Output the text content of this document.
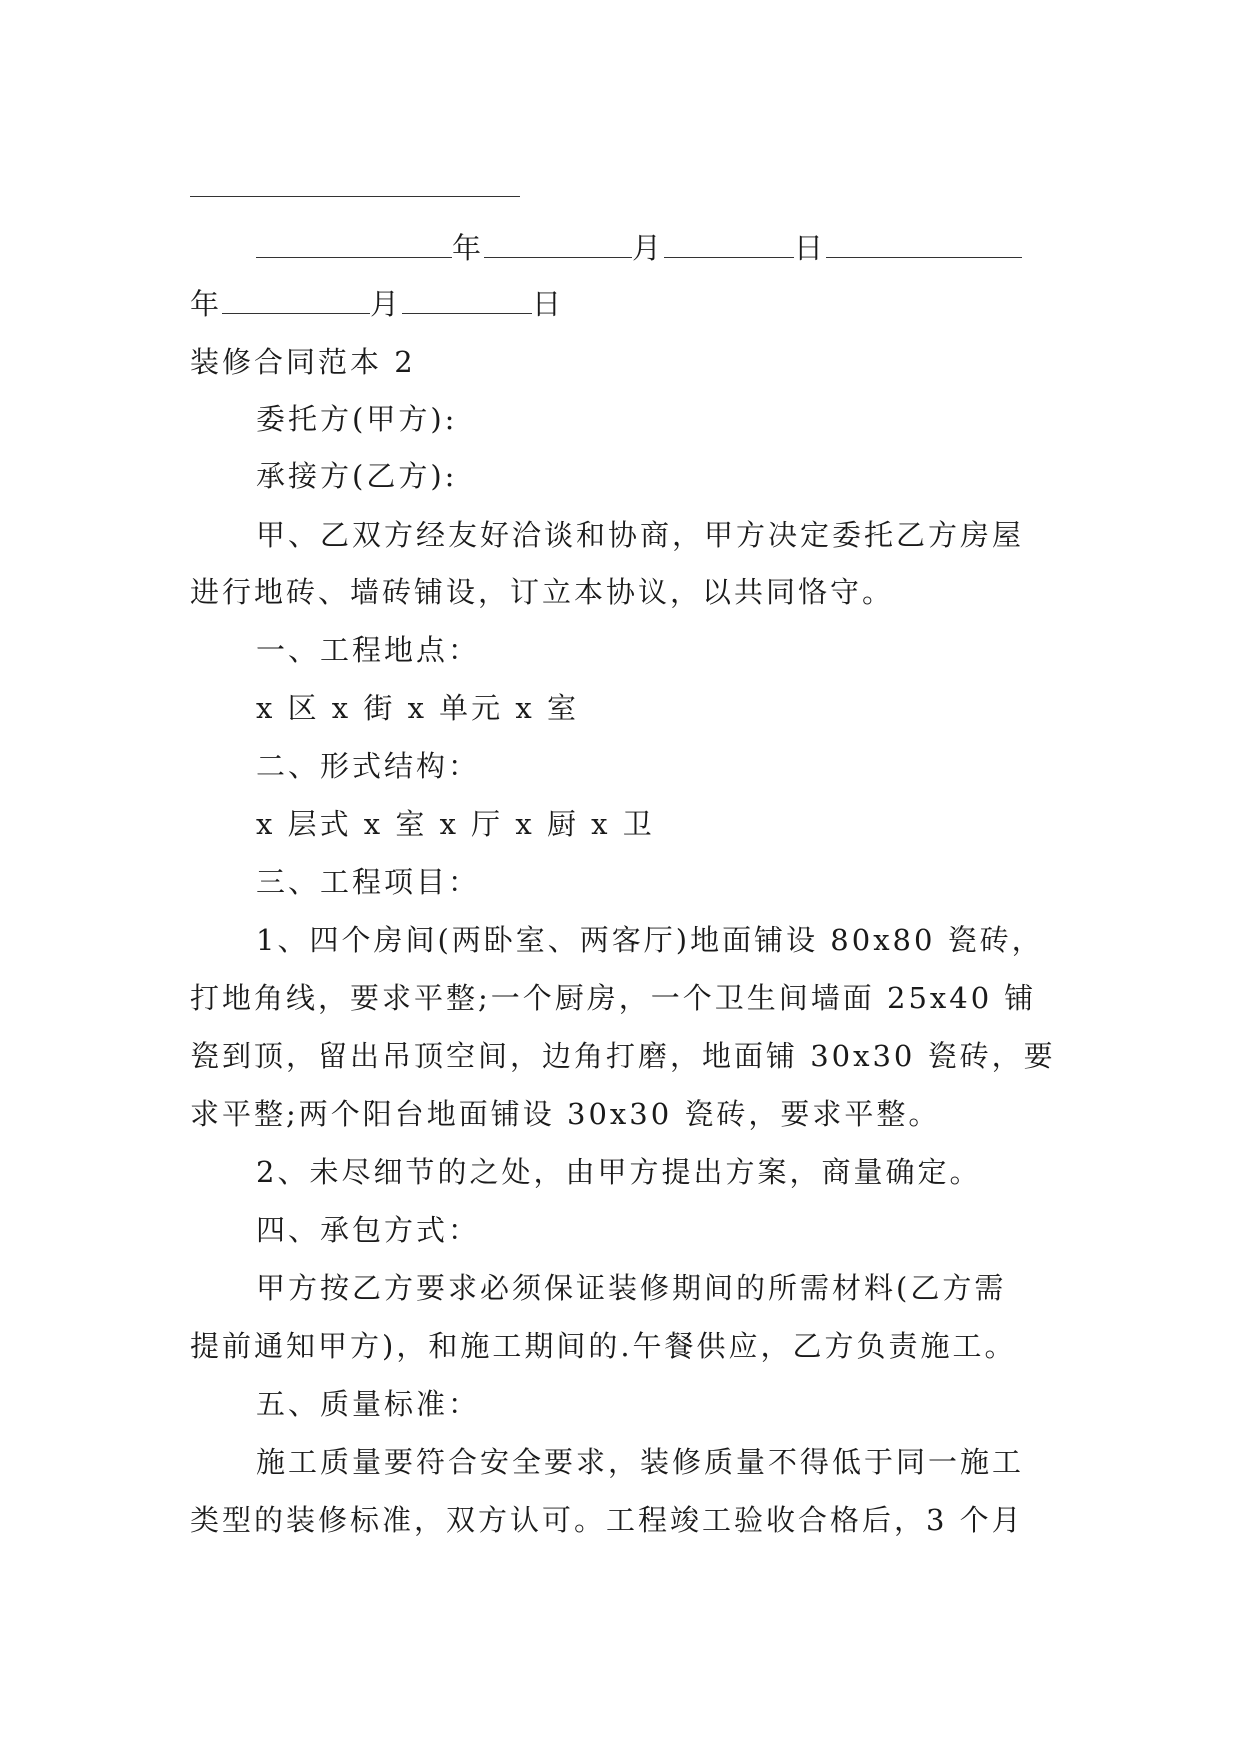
年	月	日
年	月	日
装修合同范本 2
委托方(甲方):
承接方(乙方):
甲、乙双方经友好洽谈和协商，甲方决定委托乙方房屋
进行地砖、墙砖铺设，订立本协议，以共同恪守。
一、工程地点：
x 区 x 街 x 单元 x 室
二、形式结构：
x 层式 x 室 x 厅 x 厨 x 卫
三、工程项目：
1、四个房间(两卧室、两客厅)地面铺设 80x80 瓷砖，
打地角线，要求平整;一个厨房，一个卫生间墙面 25x40 铺
瓷到顶，留出吊顶空间，边角打磨，地面铺 30x30 瓷砖，要
求平整;两个阳台地面铺设 30x30 瓷砖，要求平整。
2、未尽细节的之处，由甲方提出方案，商量确定。
四、承包方式：
甲方按乙方要求必须保证装修期间的所需材料(乙方需
提前通知甲方)，和施工期间的.午餐供应，乙方负责施工。
五、质量标准：
施工质量要符合安全要求，装修质量不得低于同一施工
类型的装修标准，双方认可。工程竣工验收合格后，3 个月
